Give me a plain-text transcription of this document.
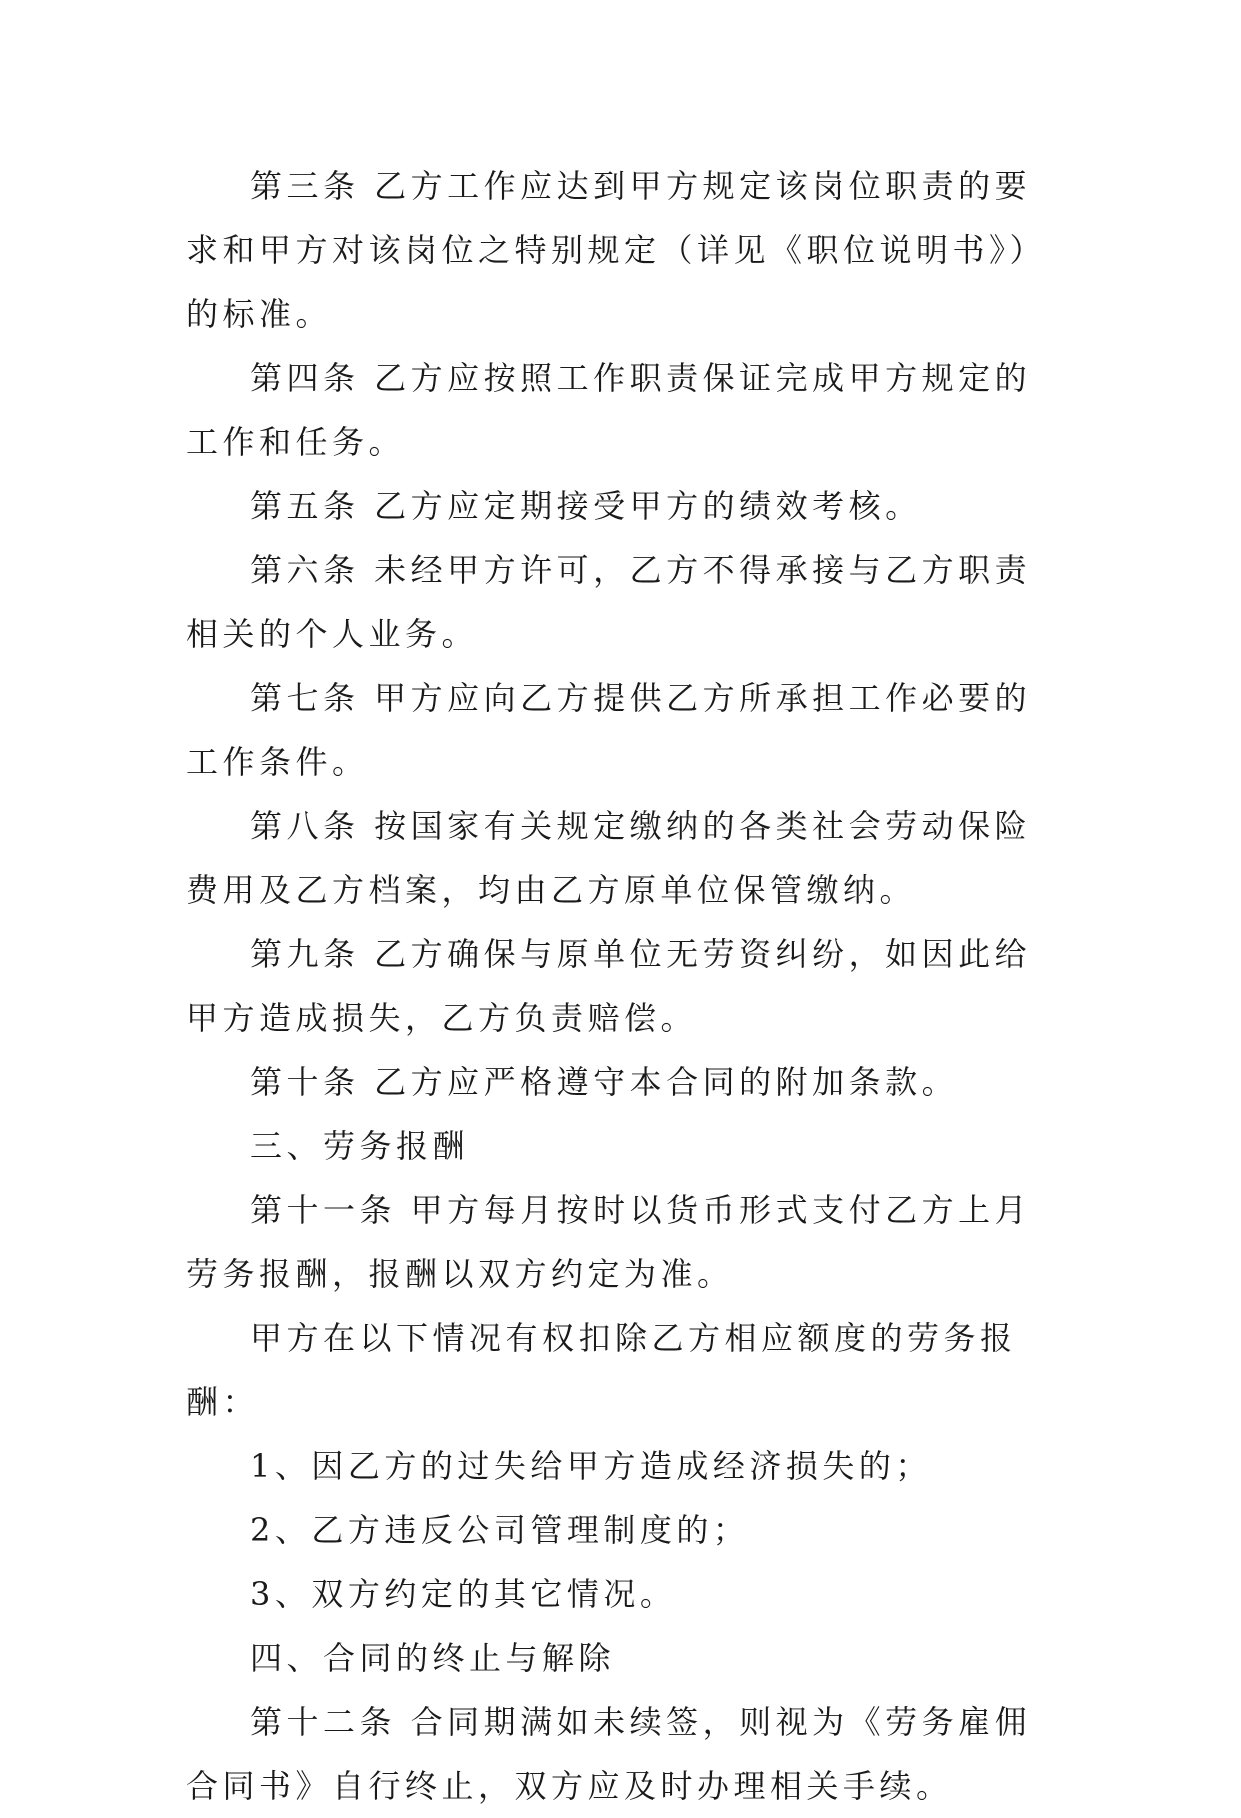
第三条 乙方工作应达到甲方规定该岗位职责的要求和甲方对该岗位之特别规定（详见《职位说明书》）的标准。

第四条 乙方应按照工作职责保证完成甲方规定的工作和任务。

第五条 乙方应定期接受甲方的绩效考核。

第六条 未经甲方许可，乙方不得承接与乙方职责相关的个人业务。

第七条 甲方应向乙方提供乙方所承担工作必要的工作条件。

第八条 按国家有关规定缴纳的各类社会劳动保险费用及乙方档案，均由乙方原单位保管缴纳。

第九条 乙方确保与原单位无劳资纠纷，如因此给甲方造成损失，乙方负责赔偿。

第十条 乙方应严格遵守本合同的附加条款。

三、劳务报酬

第十一条 甲方每月按时以货币形式支付乙方上月劳务报酬，报酬以双方约定为准。

甲方在以下情况有权扣除乙方相应额度的劳务报酬：

1、因乙方的过失给甲方造成经济损失的；

2、乙方违反公司管理制度的；

3、双方约定的其它情况。

四、合同的终止与解除

第十二条 合同期满如未续签，则视为《劳务雇佣合同书》自行终止，双方应及时办理相关手续。
